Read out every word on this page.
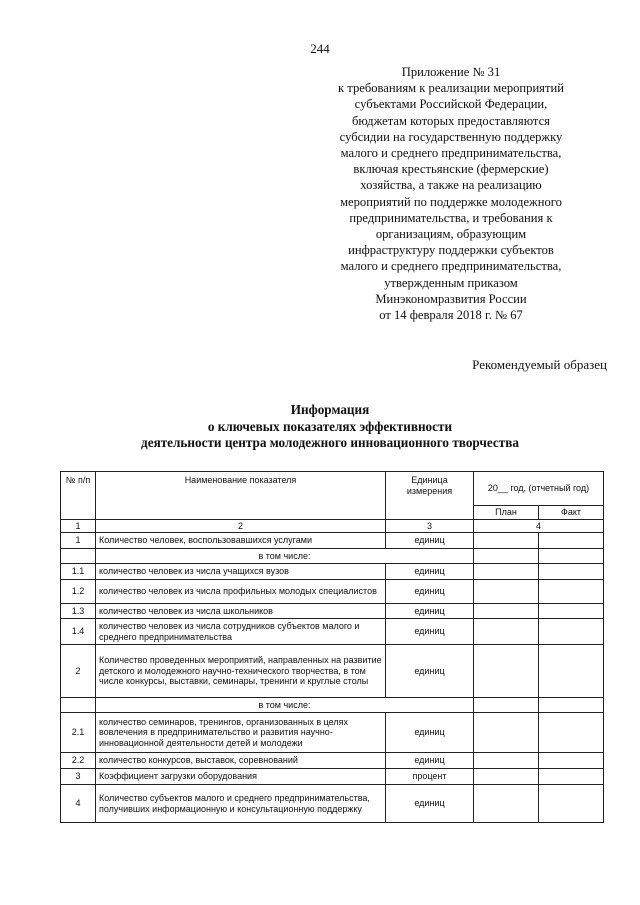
244
Приложение № 31
к требованиям к реализации мероприятий
субъектами Российской Федерации,
бюджетам которых предоставляются
субсидии на государственную поддержку
малого и среднего предпринимательства,
включая крестьянские (фермерские)
хозяйства, а также на реализацию
мероприятий по поддержке молодежного
предпринимательства, и требования к
организациям, образующим
инфраструктуру поддержки субъектов
малого и среднего предпринимательства,
утвержденным приказом
Минэкономразвития России
от 14 февраля 2018 г. № 67
Рекомендуемый образец
Информация
о ключевых показателях эффективности
деятельности центра молодежного инновационного творчества
№ п/п	Наименование показателя	Единица измерения	20__ год, (отчетный год)	
			План	Факт
1	2	3	4	
1	Количество человек, воспользовавшихся услугами	единиц		
	в том числе:			
1.1	количество человек из числа учащихся вузов	единиц		
1.2	количество человек из числа профильных молодых специалистов	единиц		
1.3	количество человек из числа школьников	единиц		
1.4	количество человек из числа сотрудников субъектов малого и среднего предпринимательства	единиц		
2	Количество проведенных мероприятий, направленных на развитие детского и молодежного научно-технического творчества, в том числе конкурсы, выставки, семинары, тренинги и круглые столы	единиц		
	в том числе:			
2.1	количество семинаров, тренингов, организованных в целях вовлечения в предпринимательство и развития научно-инновационной деятельности детей и молодежи	единиц		
2.2	количество конкурсов, выставок, соревнований	единиц		
3	Коэффициент загрузки оборудования	процент		
4	Количество субъектов малого и среднего предпринимательства, получивших информационную и консультационную поддержку	единиц		
